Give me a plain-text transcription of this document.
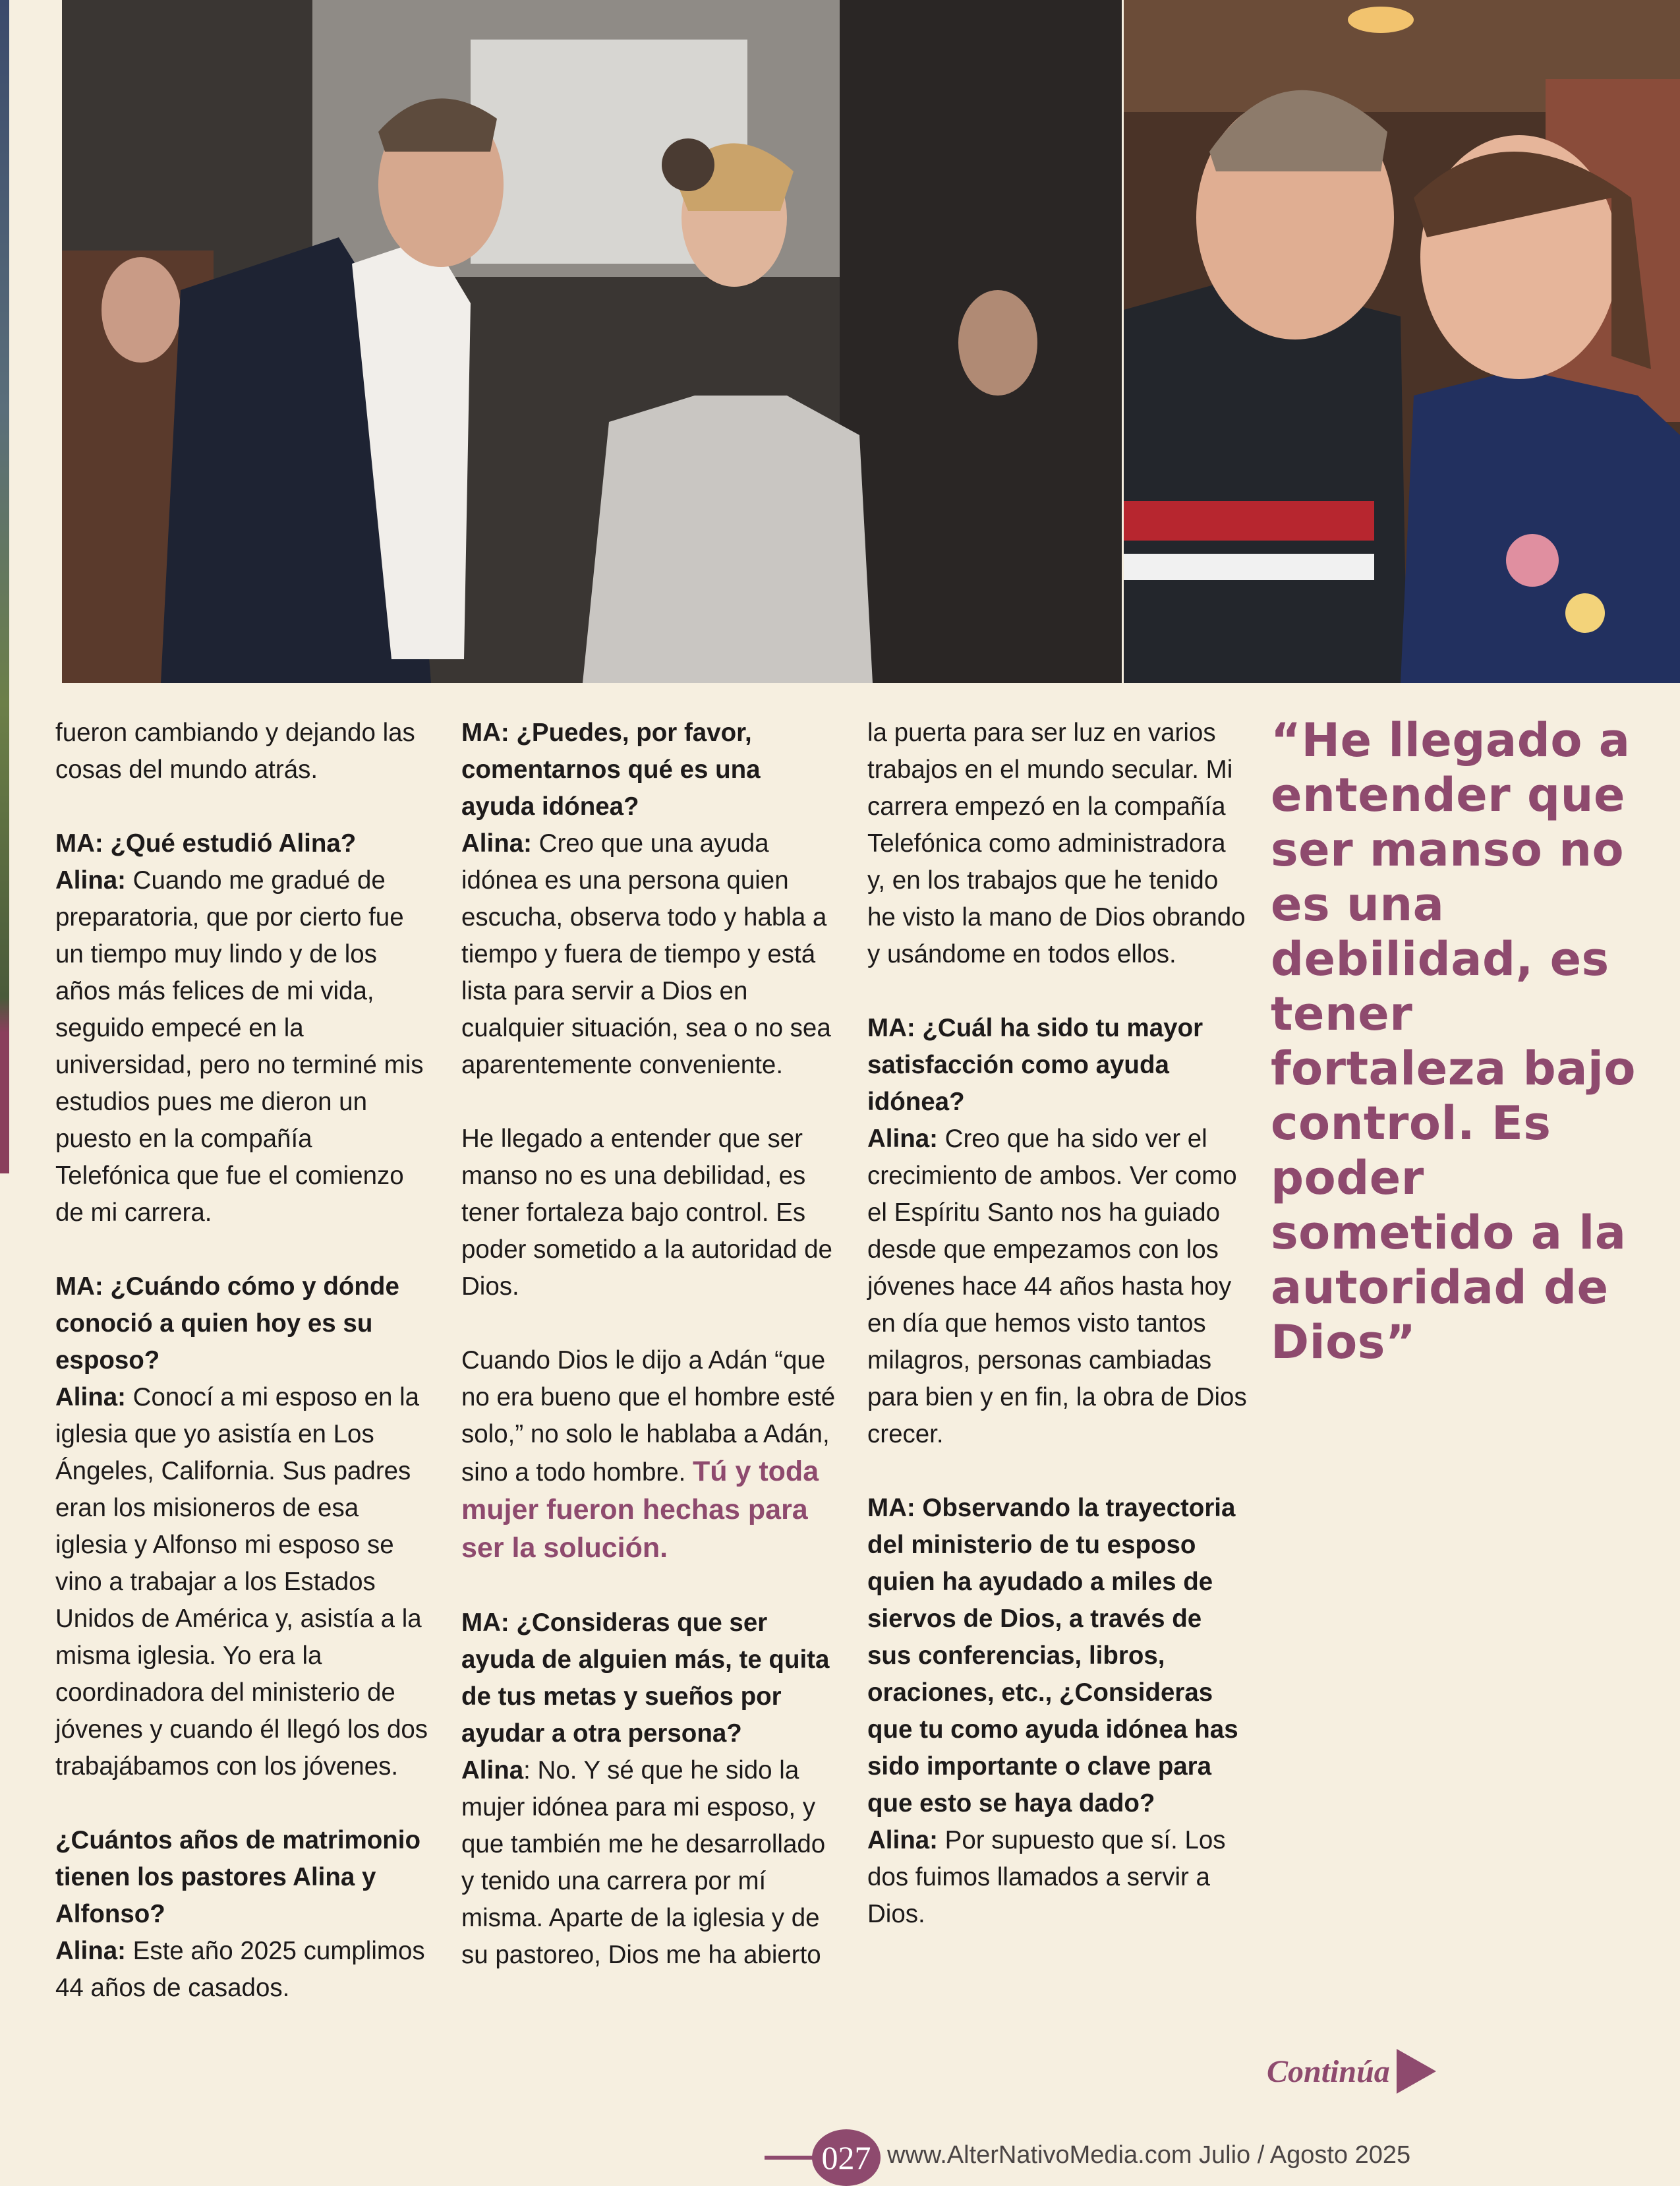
fueron cambiando y dejando las cosas del mundo atrás.

MA: ¿Qué estudió Alina?
Alina: Cuando me gradué de preparatoria, que por cierto fue un tiempo muy lindo y de los años más felices de mi vida, seguido empecé en la universidad, pero no terminé mis estudios pues me dieron un puesto en la compañía Telefónica que fue el comienzo de mi carrera.

MA: ¿Cuándo cómo y dónde conoció a quien hoy es su esposo?
Alina: Conocí a mi esposo en la iglesia que yo asistía en Los Ángeles, California. Sus padres eran los misioneros de esa iglesia y Alfonso mi esposo se vino a trabajar a los Estados Unidos de América y, asistía a la misma iglesia. Yo era la coordinadora del ministerio de jóvenes y cuando él llegó los dos trabajábamos con los jóvenes.

¿Cuántos años de matrimonio tienen los pastores Alina y Alfonso?
Alina: Este año 2025 cumplimos 44 años de casados.

MA: ¿Puedes, por favor, comentarnos qué es una ayuda idónea?
Alina: Creo que una ayuda idónea es una persona quien escucha, observa todo y habla a tiempo y fuera de tiempo y está lista para servir a Dios en cualquier situación, sea o no sea aparentemente conveniente.

He llegado a entender que ser manso no es una debilidad, es tener fortaleza bajo control. Es poder sometido a la autoridad de Dios.

Cuando Dios le dijo a Adán “que no era bueno que el hombre esté solo,” no solo le hablaba a Adán, sino a todo hombre. Tú y toda mujer fueron hechas para ser la solución.

MA: ¿Consideras que ser ayuda de alguien más, te quita de tus metas y sueños por ayudar a otra persona?
Alina: No. Y sé que he sido la mujer idónea para mi esposo, y que también me he desarrollado y tenido una carrera por mí misma. Aparte de la iglesia y de su pastoreo, Dios me ha abierto

la puerta para ser luz en varios trabajos en el mundo secular. Mi carrera empezó en la compañía Telefónica como administradora y, en los trabajos que he tenido he visto la mano de Dios obrando y usándome en todos ellos.

MA: ¿Cuál ha sido tu mayor satisfacción como ayuda idónea?
Alina: Creo que ha sido ver el crecimiento de ambos. Ver como el Espíritu Santo nos ha guiado desde que empezamos con los jóvenes hace 44 años hasta hoy en día que hemos visto tantos milagros, personas cambiadas para bien y en fin, la obra de Dios crecer.

MA: Observando la trayectoria del ministerio de tu esposo quien ha ayudado a miles de siervos de Dios, a través de sus conferencias, libros, oraciones, etc., ¿Consideras que tu como ayuda idónea has sido importante o clave para que esto se haya dado?
Alina: Por supuesto que sí. Los dos fuimos llamados a servir a Dios.

“He llegado a entender que ser manso no es una debilidad, es tener fortaleza bajo control. Es poder sometido a la autoridad de Dios”
Continúa
027 www.AlterNativoMedia.com Julio / Agosto 2025
